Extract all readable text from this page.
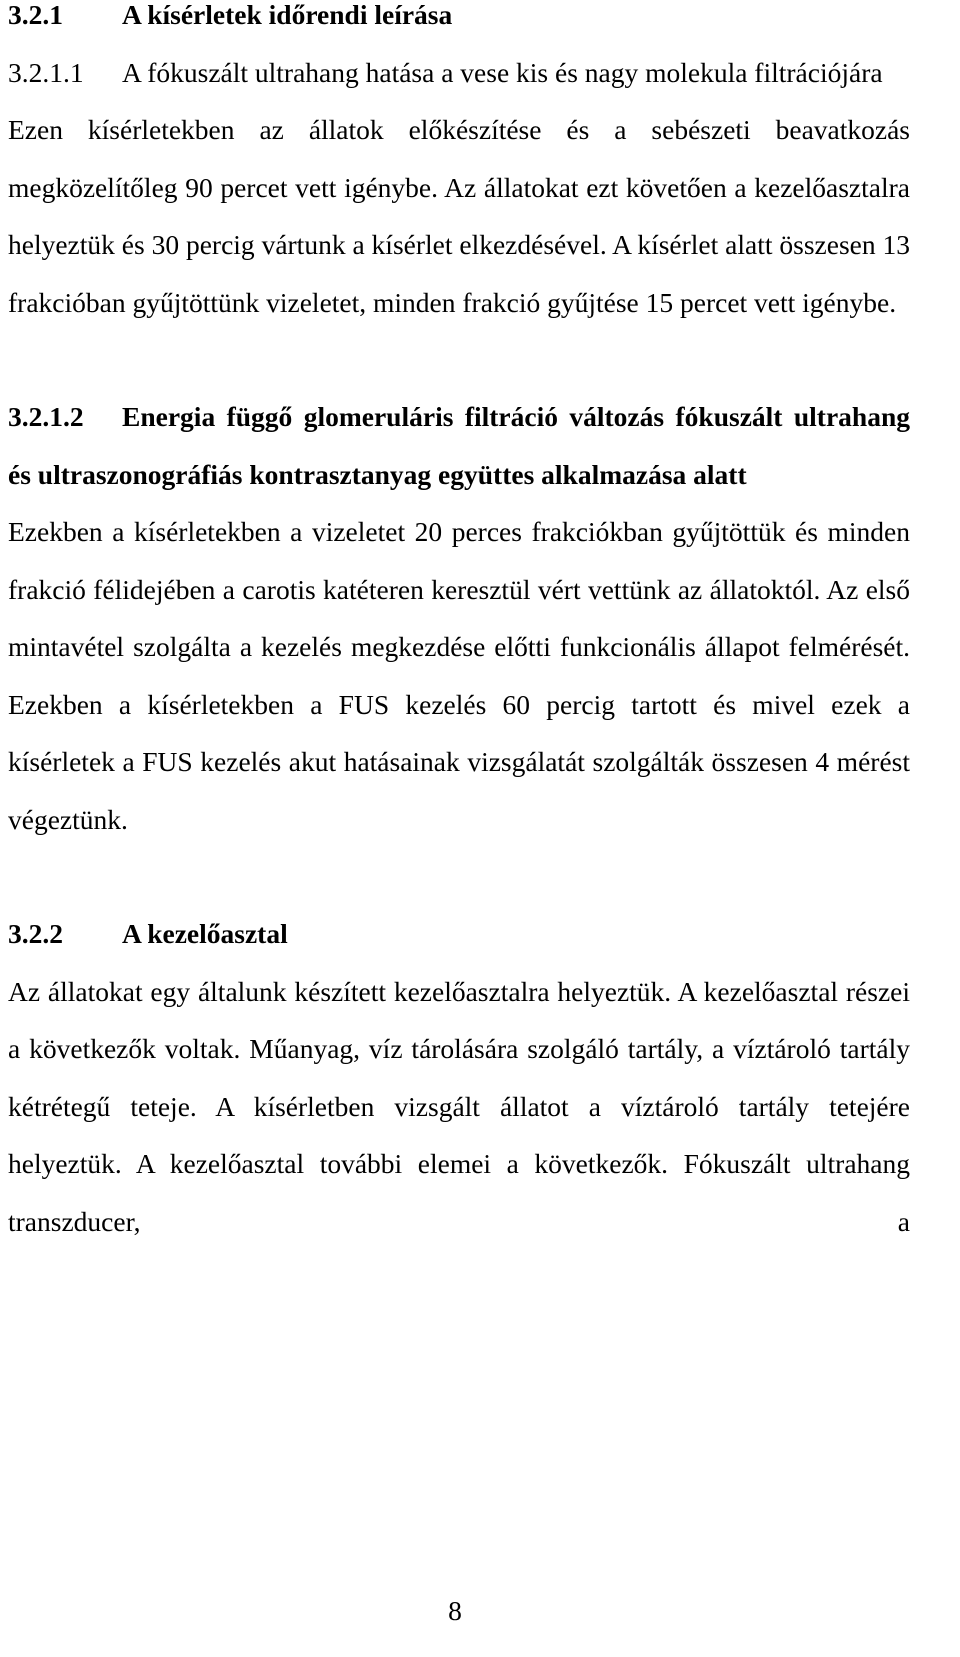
3.2.1 A kísérletek időrendi leírása
3.2.1.1 A fókuszált ultrahang hatása a vese kis és nagy molekula filtrációjára

Ezen kísérletekben az állatok előkészítése és a sebészeti beavatkozás megközelítőleg 90 percet vett igénybe. Az állatokat ezt követően a kezelőasztalra helyeztük és 30 percig vártunk a kísérlet elkezdésével. A kísérlet alatt összesen 13 frakcióban gyűjtöttünk vizeletet, minden frakció gyűjtése 15 percet vett igénybe.

3.2.1.2 Energia függő glomeruláris filtráció változás fókuszált ultrahang és ultraszonográfiás kontrasztanyag együttes alkalmazása alatt

Ezekben a kísérletekben a vizeletet 20 perces frakciókban gyűjtöttük és minden frakció félidejében a carotis katéteren keresztül vért vettünk az állatoktól. Az első mintavétel szolgálta a kezelés megkezdése előtti funkcionális állapot felmérését. Ezekben a kísérletekben a FUS kezelés 60 percig tartott és mivel ezek a kísérletek a FUS kezelés akut hatásainak vizsgálatát szolgálták összesen 4 mérést végeztünk.

3.2.2 A kezelőasztal

Az állatokat egy általunk készített kezelőasztalra helyeztük. A kezelőasztal részei a következők voltak. Műanyag, víz tárolására szolgáló tartály, a víztároló tartály kétrétegű teteje. A kísérletben vizsgált állatot a víztároló tartály tetejére helyeztük. A kezelőasztal további elemei a következők. Fókuszált ultrahang transzducer, a

8
